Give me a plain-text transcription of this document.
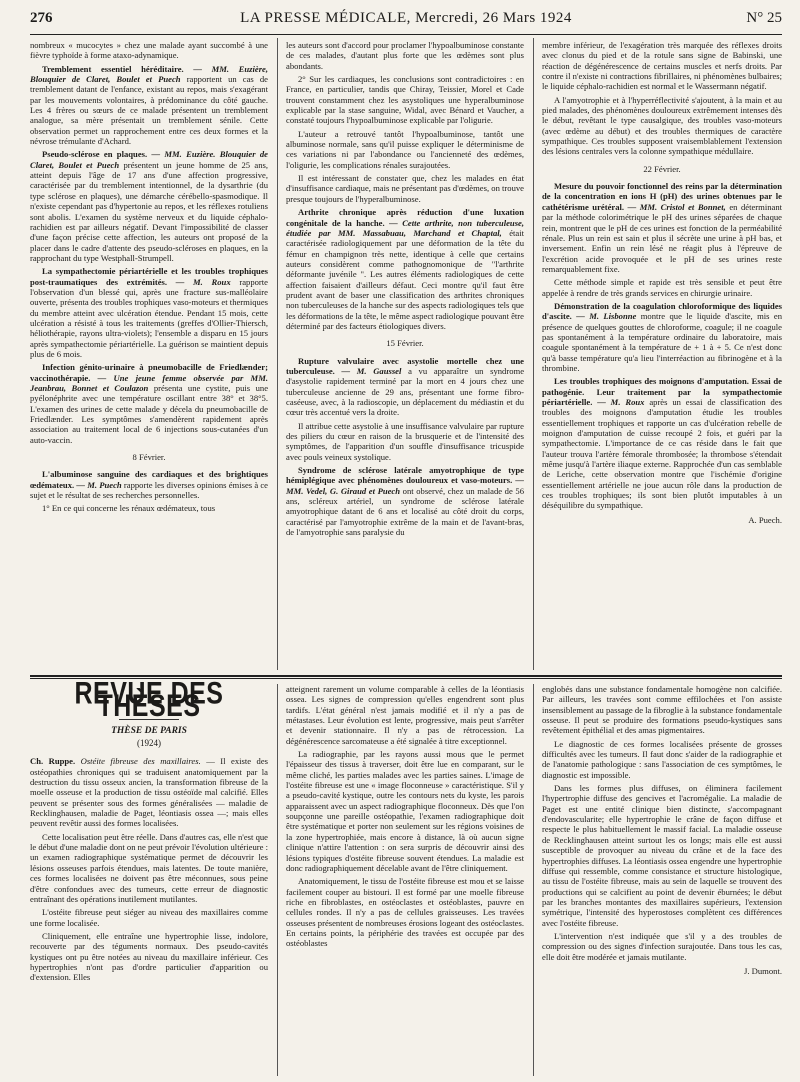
276	LA PRESSE MÉDICALE, Mercredi, 26 Mars 1924	N° 25

nombreux « mucocytes » chez une malade ayant succombé à une fièvre typhoïde à forme ataxo-adynamique.

Tremblement essentiel héréditaire. — MM. Euzière, Blouquier de Claret, Boulet et Puech rapportent un cas de tremblement datant de l'enfance, existant au repos, mais s'exagérant par les mouvements volontaires, à prédominance du côté gauche. Les 4 frères ou sœurs de ce malade présentent un tremblement analogue, sa mère présentait un tremblement sénile. Cette observation permet un rapprochement entre ces deux formes et la névrose trémulante d'Achard.

Pseudo-sclérose en plaques. — MM. Euzière. Blouquier de Claret, Boulet et Puech présentent un jeune homme de 25 ans, atteint depuis l'âge de 17 ans d'une affection progressive, caractérisée par du tremblement intentionnel, de la dysarthrie (du type sclérose en plaques), une démarche cérébello-spasmodique. Il n'existe cependant pas d'hypertonie au repos, et les réflexes rotuliens sont abolis. L'examen du système nerveux et du liquide céphalo-rachidien est par ailleurs négatif. Devant l'impossibilité de classer d'une façon précise cette affection, les auteurs ont proposé de la placer dans le cadre d'attente des pseudo-scléroses en plaques, en la rapprochant du type Westphall-Strumpell.

La sympathectomie périartérielle et les troubles trophiques post-traumatiques des extrémités. — M. Roux rapporte l'observation d'un blessé qui, après une fracture sus-malléolaire ouverte, présenta des troubles trophiques vaso-moteurs et thermiques du membre atteint avec ulcération étendue. Pendant 15 mois, cette ulcération a résisté à tous les traitements (greffes d'Ollier-Thiersch, héliothérapie, rayons ultra-violets); l'ensemble a disparu en 15 jours après sympathectomie périartérielle. La guérison se maintient depuis plus de 6 mois.

Infection génito-urinaire à pneumobacille de Friedlænder; vaccinothérapie. — Une jeune femme observée par MM. Jeanbrau, Bonnet et Coulazon présenta une cystite, puis une pyélonéphrite avec une température oscillant entre 38° et 38°5. L'examen des urines de cette malade y décela du pneumobacille de Friedlænder. Les symptômes s'amendèrent rapidement après association au traitement local de 6 injections sous-cutanées d'un auto-vaccin.

8 Février.

L'albuminose sanguine des cardiaques et des brightiques œdémateux. — M. Puech rapporte les diverses opinions émises à ce sujet et le résultat de ses recherches personnelles.

1° En ce qui concerne les rénaux œdémateux, tous

les auteurs sont d'accord pour proclamer l'hypoalbuminose constante de ces malades, d'autant plus forte que les œdèmes sont plus abondants.

2° Sur les cardiaques, les conclusions sont contradictoires : en France, en particulier, tandis que Chiray, Teissier, Morel et Cade trouvent constamment chez les asystoliques une hyperalbuminose explicable par la stase sanguine, Widal, avec Bénard et Vaucher, a constaté toujours l'hypoalbuminose explicable par l'oligurie.

L'auteur a retrouvé tantôt l'hypoalbuminose, tantôt une albuminose normale, sans qu'il puisse expliquer le déterminisme de ces variations ni par l'abondance ou l'ancienneté des œdèmes, l'oligurie, les complications rénales surajoutées.

Il est intéressant de constater que, chez les malades en état d'insuffisance cardiaque, mais ne présentant pas d'œdèmes, on trouve presque toujours de l'hyperalbuminose.

Arthrite chronique après réduction d'une luxation congénitale de la hanche. — Cette arthrite, non tuberculeuse, étudiée par MM. Massabuau, Marchand et Chaptal, était caractérisée radiologiquement par une déformation de la tête du fémur en champignon très nette, identique à celle que certains auteurs considèrent comme pathognomonique de "l'arthrite déformante juvénile ". Les autres éléments radiologiques de cette affection faisaient d'ailleurs défaut. Ceci montre qu'il faut être prudent avant de baser une classification des arthrites chroniques non tuberculeuses de la hanche sur des aspects radiologiques tels que les déformations de la tête, le même aspect radiologique pouvant être déterminé par des facteurs étiologiques divers.

15 Février.

Rupture valvulaire avec asystolie mortelle chez une tuberculeuse. — M. Gaussel a vu apparaître un syndrome d'asystolie rapidement terminé par la mort en 4 jours chez une tuberculeuse ancienne de 29 ans, présentant une forme fibro-caséeuse, avec, à la radioscopie, un déplacement du médiastin et du cœur très accentué vers la droite.

Il attribue cette asystolie à une insuffisance valvulaire par rupture des piliers du cœur en raison de la brusquerie et de l'intensité des symptômes, de l'apparition d'un souffle d'insuffisance tricuspide avec pouls veineux systolique.

Syndrome de sclérose latérale amyotrophique de type hémiplégique avec phénomènes douloureux et vaso-moteurs. — MM. Vedel, G. Giraud et Puech ont observé, chez un malade de 56 ans, scléreux artériel, un syndrome de sclérose latérale amyotrophique datant de 6 ans et localisé au côté droit du corps, caractérisé par l'amyotrophie extrême de la main et de l'avant-bras, de l'amyotrophie sans paralysie du

membre inférieur, de l'exagération très marquée des réflexes droits avec clonus du pied et de la rotule sans signe de Babinski, une réaction de dégénérescence de certains muscles et nerfs droits. Par contre il n'existe ni contractions fibrillaires, ni phénomènes bulbaires; le liquide céphalo-rachidien est normal et le Wassermann négatif.

A l'amyotrophie et à l'hyperréflectivité s'ajoutent, à la main et au pied malades, des phénomènes douloureux extrêmement intenses dès le début, revêtant le type causalgique, des troubles vaso-moteurs (avec œdème au début) et des troubles thermiques de caractère sympathique. Ces troubles supposent vraisemblablement l'extension des lésions centrales vers la colonne sympathique médullaire.

22 Février.

Mesure du pouvoir fonctionnel des reins par la détermination de la concentration en ions H (pH) des urines obtenues par le cathétérisme urétéral. — MM. Cristol et Bonnet, en déterminant par la méthode colorimétrique le pH des urines séparées de chaque rein, montrent que le pH de ces urines est fonction de la perméabilité rénale. Plus un rein est sain et plus il sécrète une urine à pH bas, et inversement. Enfin un rein lésé ne réagit plus à l'épreuve de l'excrétion acide provoquée et le pH de ses urines reste remarquablement fixe.

Cette méthode simple et rapide est très sensible et peut être appelée à rendre de très grands services en chirurgie urinaire.

Démonstration de la coagulation chloroformique des liquides d'ascite. — M. Lisbonne montre que le liquide d'ascite, mis en présence de quelques gouttes de chloroforme, coagule; il ne coagule pas spontanément à la température ordinaire du laboratoire, mais coagule spontanément à la température de + 1 à + 5. Ce n'est donc qu'à basse température qu'a lieu l'interréaction au fibrinogène et à la thrombine.

Les troubles trophiques des moignons d'amputation. Essai de pathogénie. Leur traitement par la sympathectomie périartérielle. — M. Roux après un essai de classification des troubles des moignons d'amputation étudie les troubles essentiellement trophiques et rapporte un cas d'ulcération rebelle de moignon d'amputation de cuisse recoupé 2 fois, et guéri par la sympathectomie. L'importance de ce cas réside dans le fait que l'auteur trouva l'artère fémorale thrombosée; la thrombose s'étendait même jusqu'à l'artère iliaque externe. Rapprochée d'un cas semblable de Leriche, cette observation montre que l'ischémie d'origine essentiellement artérielle ne joue aucun rôle dans la production de ces troubles trophiques; ils sont bien plutôt imputables à un déséquilibre du sympathique.

A. Puech.

REVUE DES THÈSES
THÈSE DE PARIS
(1924)

Ch. Ruppe. Ostéite fibreuse des maxillaires. — Il existe des ostéopathies chroniques qui se traduisent anatomiquement par la destruction du tissu osseux ancien, la transformation fibreuse de la moelle osseuse et la production de tissu ostéoïde mal calcifié. Elles peuvent se présenter sous des formes généralisées — maladie de Recklinghausen, maladie de Paget, léontiasis ossea —; mais elles peuvent revêtir aussi des formes localisées.

Cette localisation peut être réelle. Dans d'autres cas, elle n'est que le début d'une maladie dont on ne peut prévoir l'évolution ultérieure : un examen radiographique systématique permet de découvrir les lésions osseuses parfois étendues, mais latentes. De toute manière, ces formes localisées ne doivent pas être méconnues, sous peine d'être confondues avec des tumeurs, cette erreur de diagnostic entraînant des opérations inutilement mutilantes.

L'ostéite fibreuse peut siéger au niveau des maxillaires comme une forme localisée.

Cliniquement, elle entraîne une hypertrophie lisse, indolore, recouverte par des téguments normaux. Des pseudo-cavités kystiques ont pu être notées au niveau du maxillaire inférieur. Ces hypertrophies n'ont pas d'ordre particulier d'apparition ou d'extension. Elles

atteignent rarement un volume comparable à celles de la léontiasis ossea. Les signes de compression qu'elles engendrent sont plus tardifs. L'état général n'est jamais modifié et il n'y a pas de métastases. Leur évolution est lente, progressive, mais peut s'arrêter et devenir stationnaire. Il n'y a pas de rétrocession. La dégénérescence sarcomateuse a été signalée à titre exceptionnel.

La radiographie, par les rayons aussi mous que le permet l'épaisseur des tissus à traverser, doit être lue en comparant, sur le même cliché, les parties malades avec les parties saines. L'image de l'ostéite fibreuse est une « image floconneuse » caractéristique. S'il y a pseudo-cavité kystique, outre les contours nets du kyste, les parois apparaissent avec un aspect radiographique floconneux. Dès que l'on soupçonne une pareille ostéopathie, l'examen radiographique doit être systématique et porter non seulement sur les régions voisines de la zone hypertrophiée, mais encore à distance, là où aucun signe clinique n'attire l'attention : on sera surpris de découvrir ainsi des lésions typiques d'ostéite fibreuse souvent étendues. La maladie est donc radiographiquement décelable avant de l'être cliniquement.

Anatomiquement, le tissu de l'ostéite fibreuse est mou et se laisse facilement couper au bistouri. Il est formé par une moelle fibreuse riche en fibroblastes, en ostéoclastes et ostéoblastes, pauvre en cellules rondes. Il n'y a pas de cellules graisseuses. Les travées osseuses présentent de nombreuses érosions logeant des ostéoclastes. En certains points, la périphérie des travées est occupée par des ostéoblastes

englobés dans une substance fondamentale homogène non calcifiée. Par ailleurs, les travées sont comme effilochées et l'on assiste insensiblement au passage de la fibroglie à la substance fondamentale osseuse. Il peut se produire des formations pseudo-kystiques sans revêtement épithélial et des amas pigmentaires.

Le diagnostic de ces formes localisées présente de grosses difficultés avec les tumeurs. Il faut donc s'aider de la radiographie et de l'anatomie pathologique : sans l'association de ces symptômes, le diagnostic est impossible.

Dans les formes plus diffuses, on éliminera facilement l'hypertrophie diffuse des gencives et l'acromégalie. La maladie de Paget est une entité clinique bien distincte, s'accompagnant d'endovascularite; elle hypertrophie le crâne de façon diffuse et respecte le plus habituellement le massif facial. La maladie osseuse de Recklinghausen atteint surtout les os longs; mais elle est aussi susceptible de provoquer au niveau du crâne et de la face des hypertrophies diffuses. La léontiasis ossea engendre une hypertrophie diffuse qui ressemble, comme consistance et structure histologique, au tissu de l'ostéite fibreuse, mais au sein de laquelle se trouvent des productions qui se calcifient au point de devenir éburnées; le début par les branches montantes des maxillaires supérieurs, l'extension symétrique, l'intensité des hyperostoses complètent ces différences avec l'ostéite fibreuse.

L'intervention n'est indiquée que s'il y a des troubles de compression ou des signes d'infection surajoutée. Dans tous les cas, elle doit être modérée et jamais mutilante.

J. Dumont.
